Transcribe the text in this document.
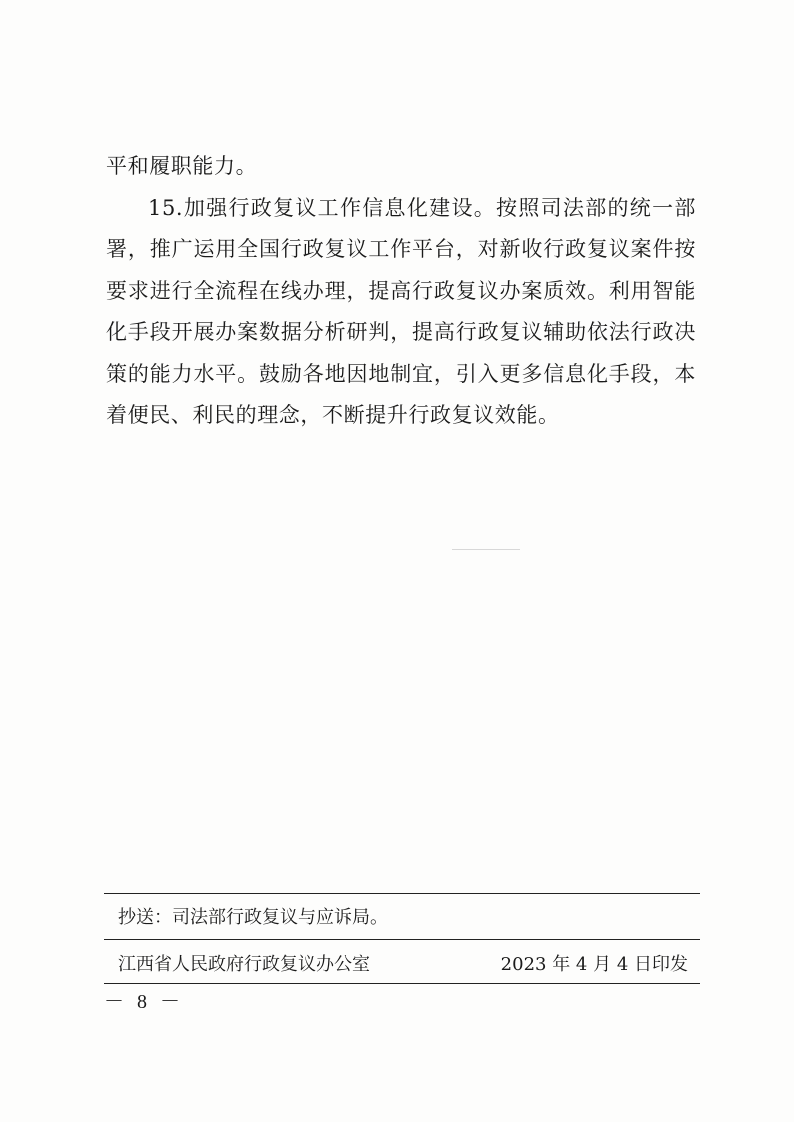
平和履职能力。

15.加强行政复议工作信息化建设。按照司法部的统一部署，推广运用全国行政复议工作平台，对新收行政复议案件按要求进行全流程在线办理，提高行政复议办案质效。利用智能化手段开展办案数据分析研判，提高行政复议辅助依法行政决策的能力水平。鼓励各地因地制宜，引入更多信息化手段，本着便民、利民的理念，不断提升行政复议效能。

抄送：司法部行政复议与应诉局。
江西省人民政府行政复议办公室	2023 年 4 月 4 日印发
－ 8 －
